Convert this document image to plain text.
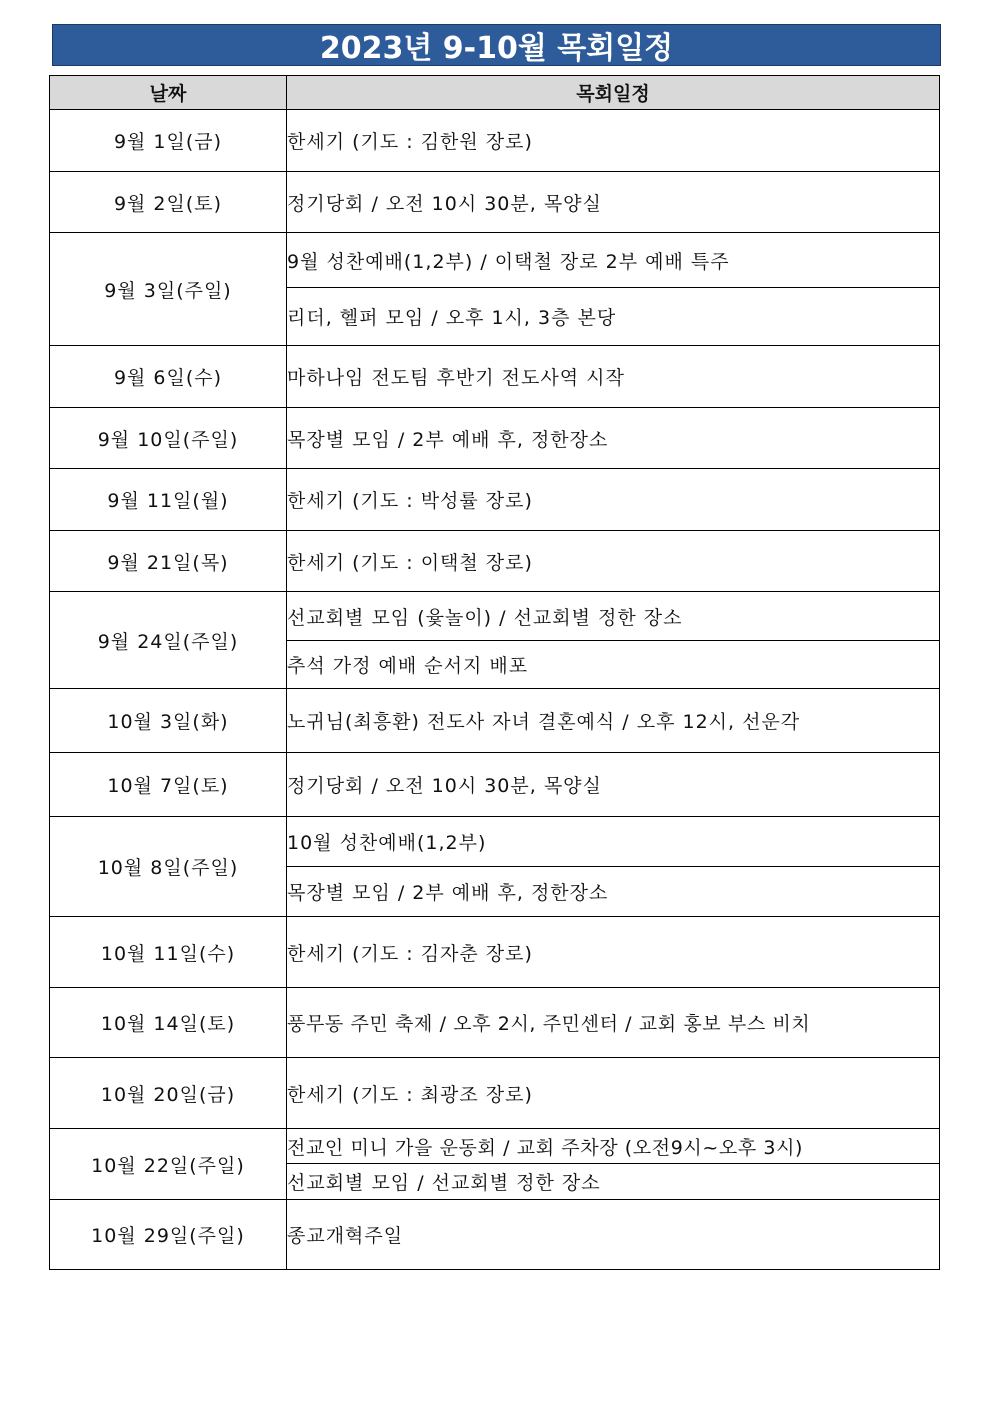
2023년 9-10월 목회일정
날짜	목회일정
9월 1일(금)	한세기 (기도 : 김한원 장로)
9월 2일(토)	정기당회 / 오전 10시 30분, 목양실
9월 3일(주일)	9월 성찬예배(1,2부) / 이택철 장로 2부 예배 특주
	리더, 헬퍼 모임 / 오후 1시, 3층 본당
9월 6일(수)	마하나임 전도팀 후반기 전도사역 시작
9월 10일(주일)	목장별 모임 / 2부 예배 후, 정한장소
9월 11일(월)	한세기 (기도 : 박성률 장로)
9월 21일(목)	한세기 (기도 : 이택철 장로)
9월 24일(주일)	선교회별 모임 (윷놀이) / 선교회별 정한 장소
	추석 가정 예배 순서지 배포
10월 3일(화)	노귀님(최흥환) 전도사 자녀 결혼예식 / 오후 12시, 선운각
10월 7일(토)	정기당회 / 오전 10시 30분, 목양실
10월 8일(주일)	10월 성찬예배(1,2부)
	목장별 모임 / 2부 예배 후, 정한장소
10월 11일(수)	한세기 (기도 : 김자춘 장로)
10월 14일(토)	풍무동 주민 축제 / 오후 2시, 주민센터 / 교회 홍보 부스 비치
10월 20일(금)	한세기 (기도 : 최광조 장로)
10월 22일(주일)	전교인 미니 가을 운동회 / 교회 주차장 (오전9시~오후 3시)
	선교회별 모임 / 선교회별 정한 장소
10월 29일(주일)	종교개혁주일
